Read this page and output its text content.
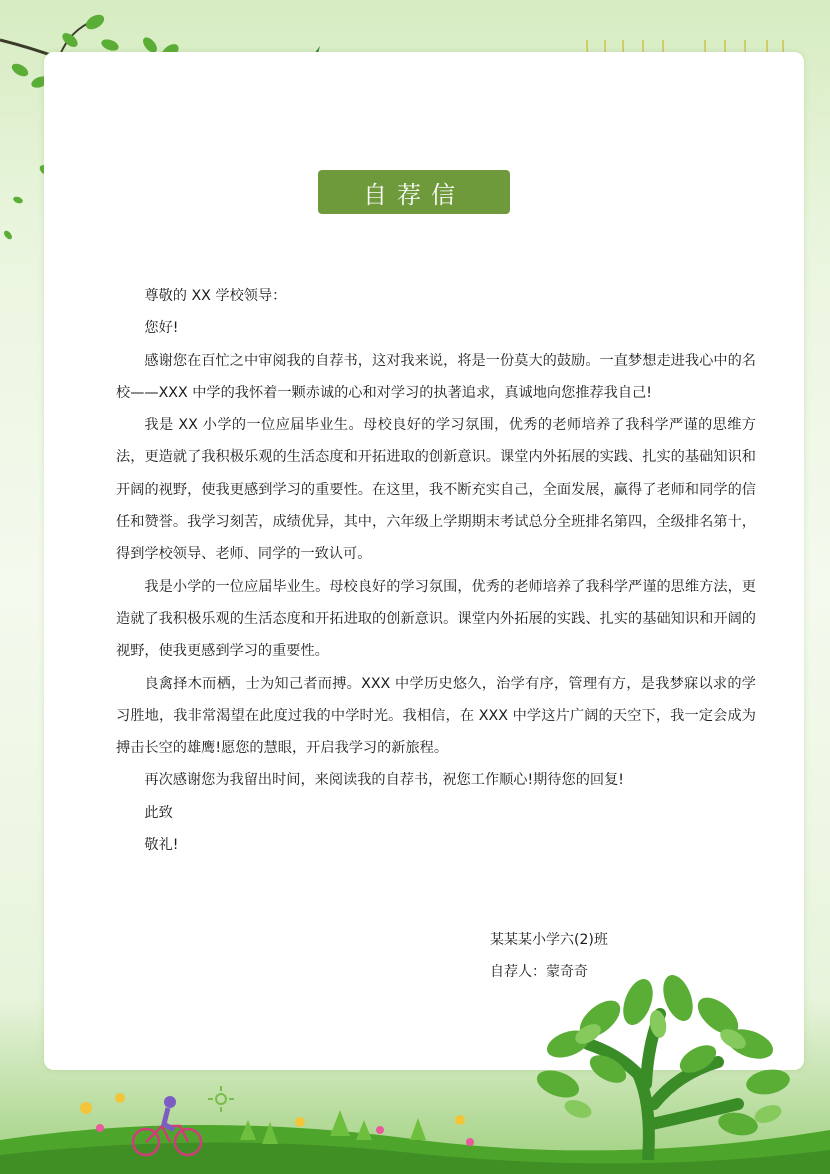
自荐信

尊敬的 XX 学校领导：

您好!

感谢您在百忙之中审阅我的自荐书，这对我来说，将是一份莫大的鼓励。一直梦想走进我心中的名校——XXX 中学的我怀着一颗赤诚的心和对学习的执著追求，真诚地向您推荐我自己!

我是 XX 小学的一位应届毕业生。母校良好的学习氛围，优秀的老师培养了我科学严谨的思维方法，更造就了我积极乐观的生活态度和开拓进取的创新意识。课堂内外拓展的实践、扎实的基础知识和开阔的视野，使我更感到学习的重要性。在这里，我不断充实自己，全面发展，赢得了老师和同学的信任和赞誉。我学习刻苦，成绩优异，其中，六年级上学期期末考试总分全班排名第四，全级排名第十，得到学校领导、老师、同学的一致认可。

我是小学的一位应届毕业生。母校良好的学习氛围，优秀的老师培养了我科学严谨的思维方法，更造就了我积极乐观的生活态度和开拓进取的创新意识。课堂内外拓展的实践、扎实的基础知识和开阔的视野，使我更感到学习的重要性。

良禽择木而栖，士为知己者而搏。XXX 中学历史悠久，治学有序，管理有方，是我梦寐以求的学习胜地，我非常渴望在此度过我的中学时光。我相信，在 XXX 中学这片广阔的天空下，我一定会成为搏击长空的雄鹰!愿您的慧眼，开启我学习的新旅程。

再次感谢您为我留出时间，来阅读我的自荐书，祝您工作顺心!期待您的回复!

此致

敬礼!

某某某小学六(2)班
自荐人：蒙奇奇
